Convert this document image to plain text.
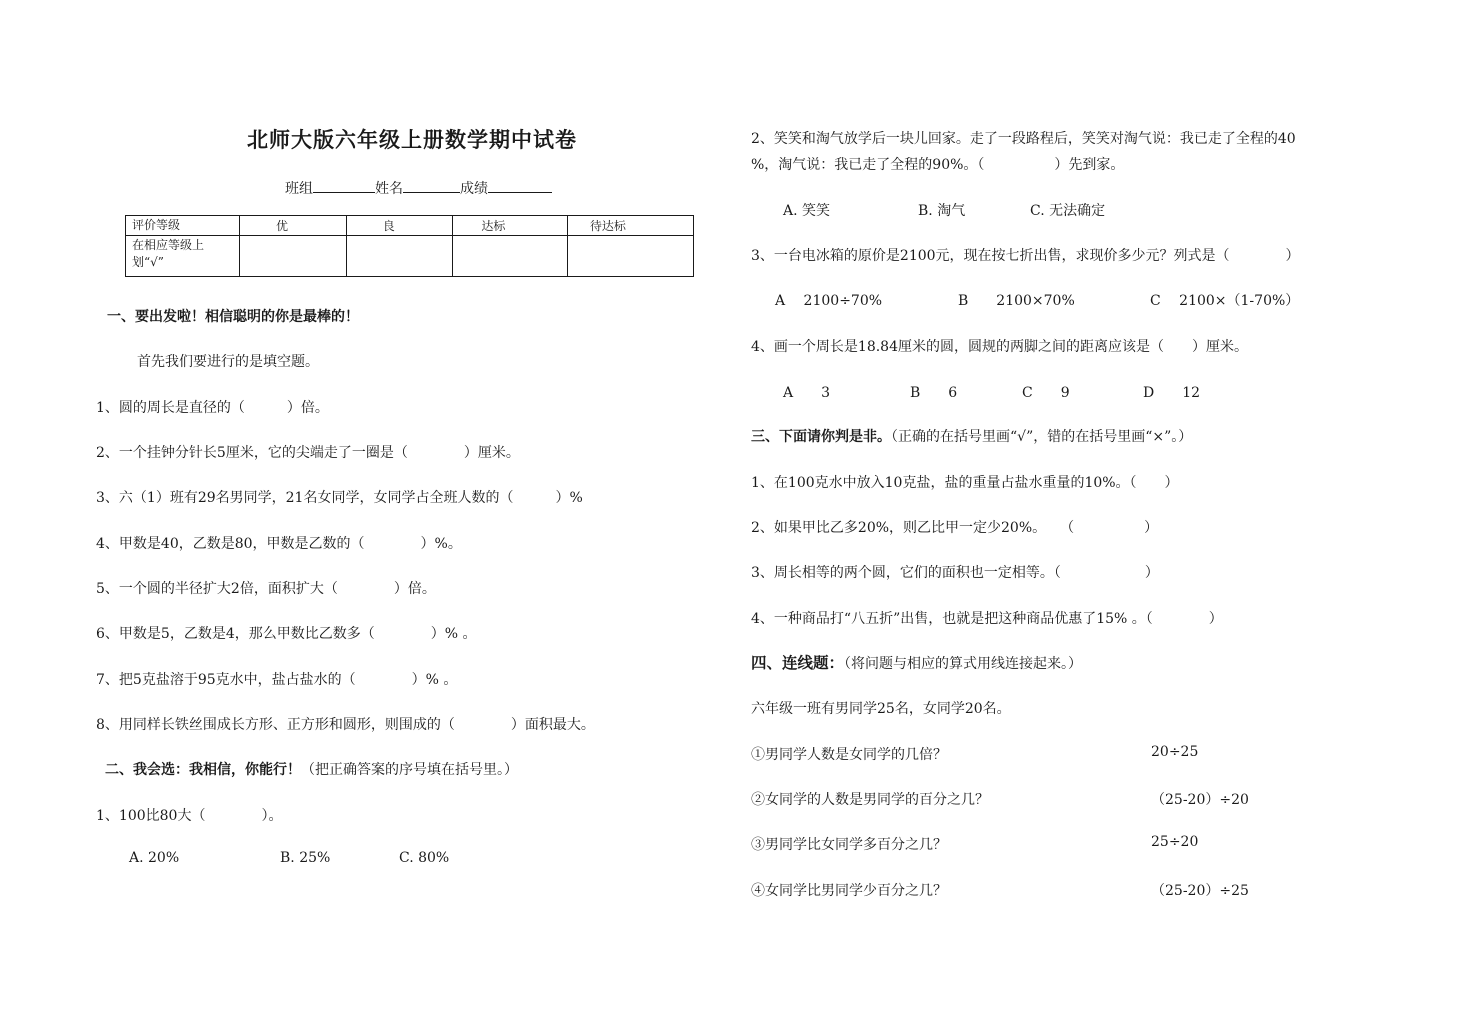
北师大版六年级上册数学期中试卷
班组	姓名	成绩
评价等级	优	良	达标	待达标
在相应等级上划“√”				
一、要出发啦！相信聪明的你是最棒的！
首先我们要进行的是填空题。
1、圆的周长是直径的（　　　）倍。
2、一个挂钟分针长5厘米，它的尖端走了一圈是（　　　　）厘米。
3、六（1）班有29名男同学，21名女同学，女同学占全班人数的（　　　）%
4、甲数是40，乙数是80，甲数是乙数的（　　　　）%。
5、一个圆的半径扩大2倍，面积扩大（　　　　）倍。
6、甲数是5，乙数是4，那么甲数比乙数多（　　　　）% 。
7、把5克盐溶于95克水中，盐占盐水的（　　　　）% 。
8、用同样长铁丝围成长方形、正方形和圆形，则围成的（　　　　）面积最大。
二、我会选：我相信，你能行！（把正确答案的序号填在括号里。）
1、100比80大（　　　　）。
A. 20%	B. 25%	C. 80%
2、笑笑和淘气放学后一块儿回家。走了一段路程后，笑笑对淘气说：我已走了全程的40
%，淘气说：我已走了全程的90%。（　　　　　）先到家。
A. 笑笑	B. 淘气	C. 无法确定
3、一台电冰箱的原价是2100元，现在按七折出售，求现价多少元？列式是（　　　　）
A　 2100÷70%	B　　2100×70%	C　 2100×（1-70%）
4、画一个周长是18.84厘米的圆，圆规的两脚之间的距离应该是（　　）厘米。
A　　3	B　　6	C　　9	D　　12
三、下面请你判是非。（正确的在括号里画“√”，错的在括号里画“×”。）
1、在100克水中放入10克盐，盐的重量占盐水重量的10%。（　　）
2、如果甲比乙多20%，则乙比甲一定少20%。　　（　　　　　）
3、周长相等的两个圆，它们的面积也一定相等。（　　　　　　）
4、一种商品打“八五折”出售，也就是把这种商品优惠了15% 。（　　　　）
四、连线题：（将问题与相应的算式用线连接起来。）
六年级一班有男同学25名，女同学20名。
①男同学人数是女同学的几倍？	20÷25
②女同学的人数是男同学的百分之几？	（25-20）÷20
③男同学比女同学多百分之几？	25÷20
④女同学比男同学少百分之几？	（25-20）÷25
